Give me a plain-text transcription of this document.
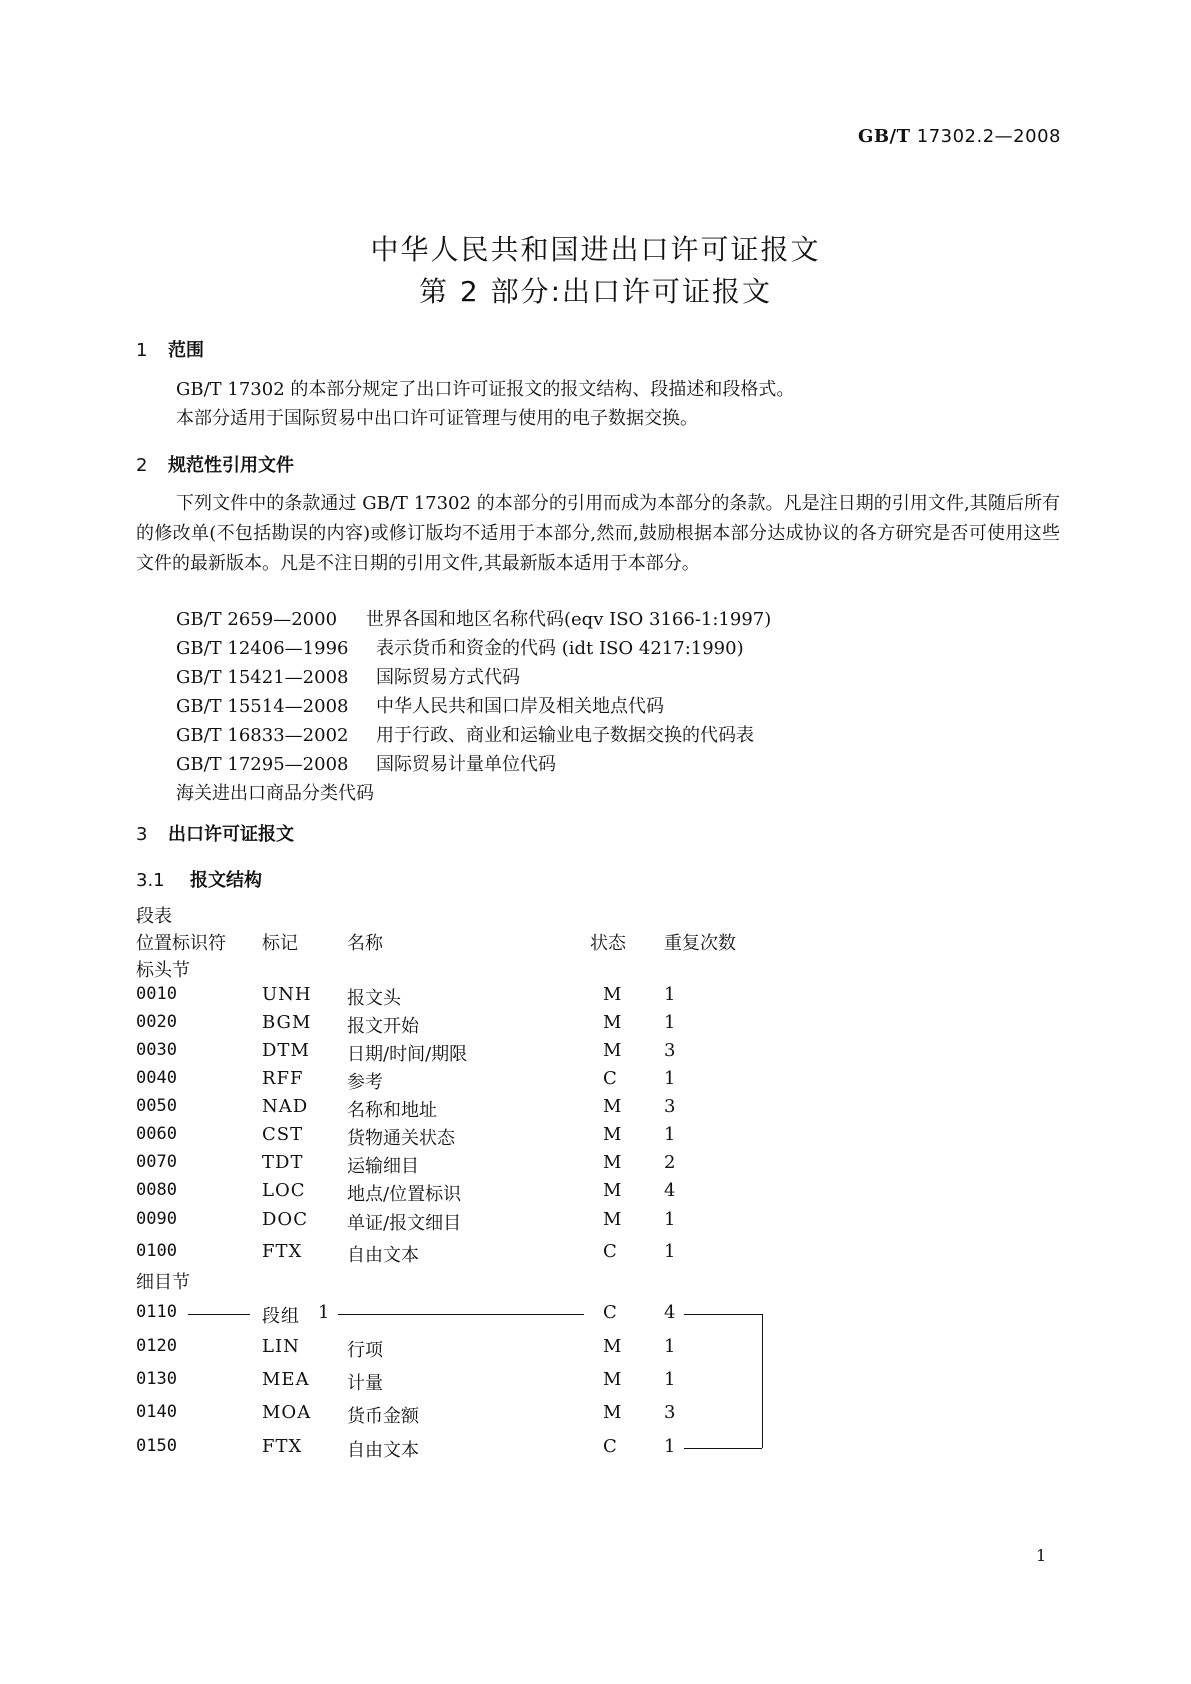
GB/T 17302.2—2008
中华人民共和国进出口许可证报文
第 2 部分:出口许可证报文
1 范围
GB/T 17302 的本部分规定了出口许可证报文的报文结构、段描述和段格式。
本部分适用于国际贸易中出口许可证管理与使用的电子数据交换。
2 规范性引用文件
下列文件中的条款通过 GB/T 17302 的本部分的引用而成为本部分的条款。凡是注日期的引用文件,其随后所有的修改单(不包括勘误的内容)或修订版均不适用于本部分,然而,鼓励根据本部分达成协议的各方研究是否可使用这些文件的最新版本。凡是不注日期的引用文件,其最新版本适用于本部分。
GB/T 2659—2000 世界各国和地区名称代码(eqv ISO 3166-1:1997)
GB/T 12406—1996 表示货币和资金的代码 (idt ISO 4217:1990)
GB/T 15421—2008 国际贸易方式代码
GB/T 15514—2008 中华人民共和国口岸及相关地点代码
GB/T 16833—2002 用于行政、商业和运输业电子数据交换的代码表
GB/T 17295—2008 国际贸易计量单位代码
海关进出口商品分类代码
3 出口许可证报文
3.1 报文结构
段表
位置标识符 标记	名称	状态 重复次数
标头节
0010	UNH 报文头	M 1
0020	BGM 报文开始	M 1
0030	DTM 日期/时间/期限	M 3
0040	RFF 参考	C	1
0050	NAD 名称和地址	M 3
0060	CST 货物通关状态	M 1
0070	TDT 运输细目	M 2
0080	LOC 地点/位置标识	M 4
0090	DOC 单证/报文细目	M 1
0100	FTX 自由文本	C	1
细目节
0110	段组 1	C	4
0120	LIN	行项	M 1
0130	MEA 计量	M 1
0140	MOA 货币金额	M 3
0150	FTX 自由文本	C	1
1
